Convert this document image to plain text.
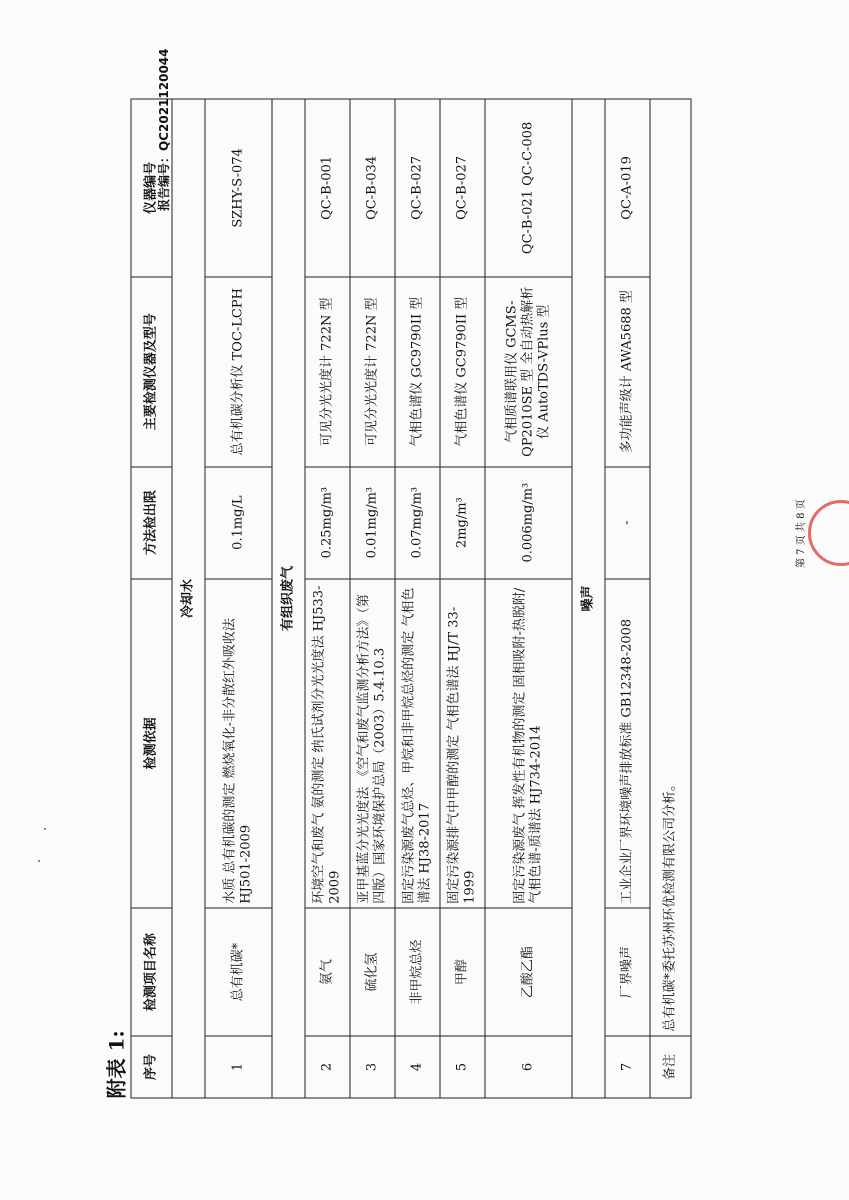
报告编号：QC2021120044
第 7 页 共 8 页
附表 1: 序号	检测项目名称	检测依据	方法检出限	主要检测仪器及型号	仪器编号
冷却水					
1	总有机碳*	水质 总有机碳的测定 燃烧氧化-非分散红外吸收法 HJ501-2009	0.1mg/L	总有机碳分析仪 TOC-LCPH	SZHY-S-074
有组织废气					
2	氨气	环境空气和废气 氨的测定 纳氏试剂分光光度法 HJ533-2009	0.25mg/m³	可见分光光度计 722N 型	QC-B-001
3	硫化氢	亚甲基蓝分光光度法 《空气和废气监测分析方法》（第四版）国家环境保护总局（2003）5.4.10.3	0.01mg/m³	可见分光光度计 722N 型	QC-B-034
4	非甲烷总烃	固定污染源废气总烃、甲烷和非甲烷总烃的测定 气相色谱法 HJ38-2017	0.07mg/m³	气相色谱仪 GC9790II 型	QC-B-027
5	甲醇	固定污染源排气中甲醇的测定 气相色谱法 HJ/T 33-1999	2mg/m³	气相色谱仪 GC9790II 型	QC-B-027
6	乙酸乙酯	固定污染源废气 挥发性有机物的测定 固相吸附-热脱附/气相色谱-质谱法 HJ734-2014	0.006mg/m³	气相质谱联用仪 GCMS-QP2010SE 型 全自动热解析仪 AutoTDS-VPlus 型	QC-B-021 QC-C-008
噪声					
7	厂界噪声	工业企业厂界环境噪声排放标准 GB12348-2008	-	多功能声级计 AWA5688 型	QC-A-019
备注	总有机碳*委托苏州环优检测有限公司分析。				
